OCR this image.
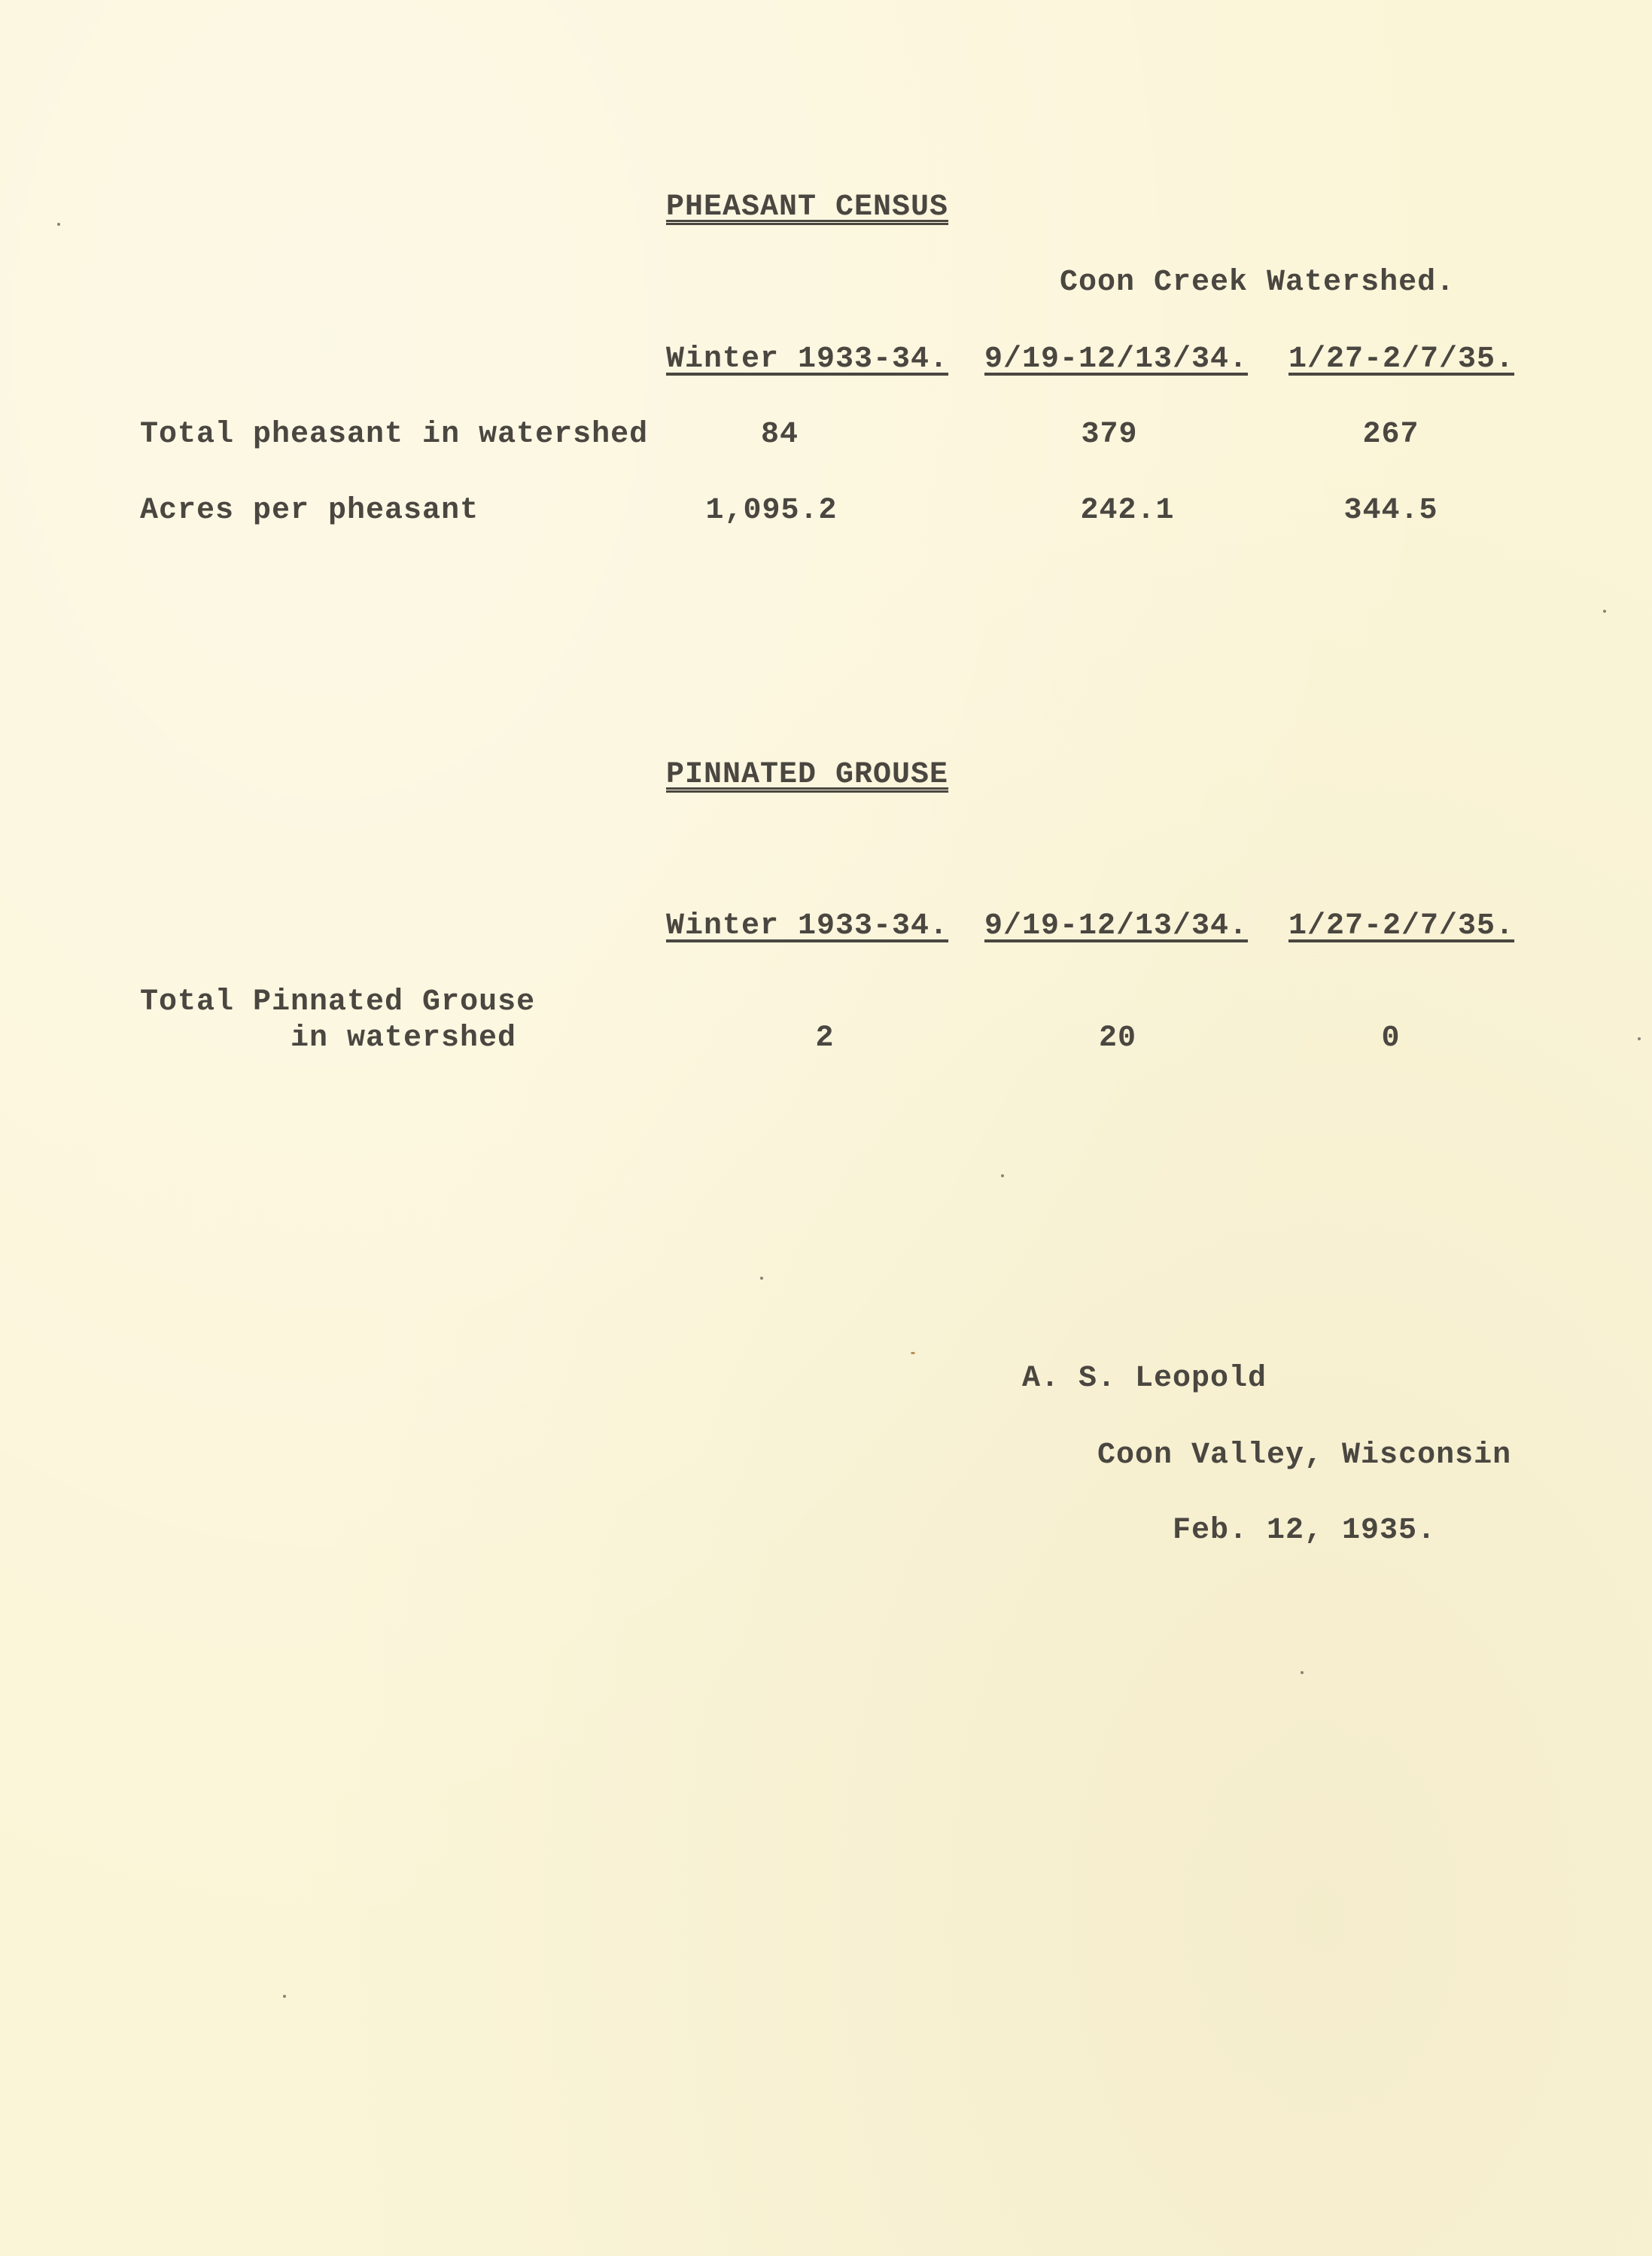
PHEASANT CENSUS
Coon Creek Watershed.
Winter 1933-34. 9/19-12/13/34. 1/27-2/7/35.
Total pheasant in watershed	84	379	267
Acres per pheasant	1,095.2	242.1	344.5
PINNATED GROUSE
Winter 1933-34. 9/19-12/13/34. 1/27-2/7/35.
Total Pinnated Grouse
in watershed	2	20	0
A. S. Leopold
Coon Valley, Wisconsin
Feb. 12, 1935.
